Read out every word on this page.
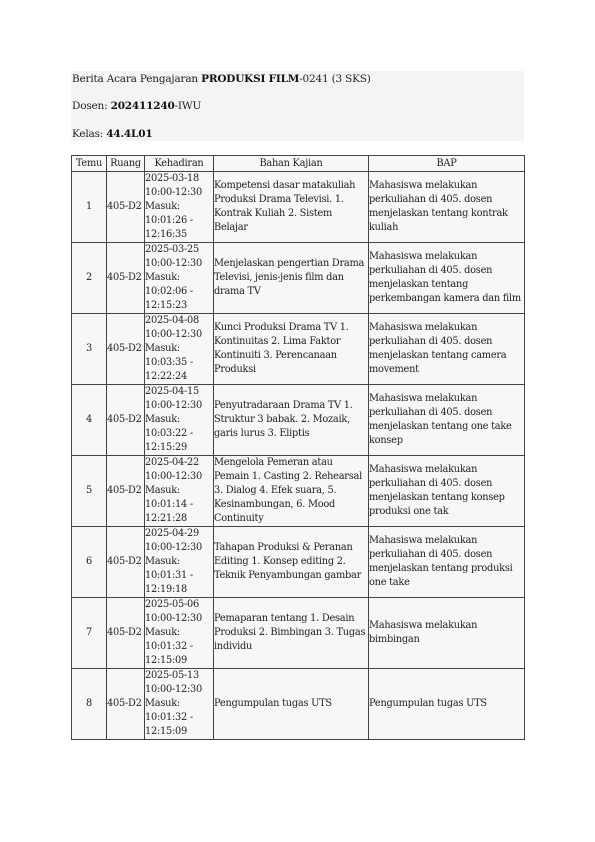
Berita Acara Pengajaran PRODUKSI FILM-0241 (3 SKS)

Dosen: 202411240-IWU

Kelas: 44.4L01

Temu	Ruang	Kehadiran	Bahan Kajian	BAP
1	405-D2	2025-03-18
10:00-12:30
Masuk:
10:01:26 -
12:16:35	Kompetensi dasar matakuliah Produksi Drama Televisi. 1. Kontrak Kuliah 2. Sistem Belajar	Mahasiswa melakukan perkuliahan di 405. dosen menjelaskan tentang kontrak kuliah
2	405-D2	2025-03-25
10:00-12:30
Masuk:
10:02:06 -
12:15:23	Menjelaskan pengertian Drama Televisi, jenis-jenis film dan drama TV	Mahasiswa melakukan perkuliahan di 405. dosen menjelaskan tentang perkembangan kamera dan film
3	405-D2	2025-04-08
10:00-12:30
Masuk:
10:03:35 -
12:22:24	Kunci Produksi Drama TV 1. Kontinuitas 2. Lima Faktor Kontinuiti 3. Perencanaan Produksi	Mahasiswa melakukan perkuliahan di 405. dosen menjelaskan tentang camera movement
4	405-D2	2025-04-15
10:00-12:30
Masuk:
10:03:22 -
12:15:29	Penyutradaraan Drama TV 1. Struktur 3 babak. 2. Mozaik, garis lurus 3. Eliptis	Mahasiswa melakukan perkuliahan di 405. dosen menjelaskan tentang one take konsep
5	405-D2	2025-04-22
10:00-12:30
Masuk:
10:01:14 -
12:21:28	Mengelola Pemeran atau Pemain 1. Casting 2. Rehearsal 3. Dialog 4. Efek suara, 5. Kesinambungan, 6. Mood Continuity	Mahasiswa melakukan perkuliahan di 405. dosen menjelaskan tentang konsep produksi one tak
6	405-D2	2025-04-29
10:00-12:30
Masuk:
10:01:31 -
12:19:18	Tahapan Produksi & Peranan Editing 1. Konsep editing 2. Teknik Penyambungan gambar	Mahasiswa melakukan perkuliahan di 405. dosen menjelaskan tentang produksi one take
7	405-D2	2025-05-06
10:00-12:30
Masuk:
10:01:32 -
12:15:09	Pemaparan tentang 1. Desain Produksi 2. Bimbingan 3. Tugas individu	Mahasiswa melakukan bimbingan
8	405-D2	2025-05-13
10:00-12:30
Masuk:
10:01:32 -
12:15:09	Pengumpulan tugas UTS	Pengumpulan tugas UTS
